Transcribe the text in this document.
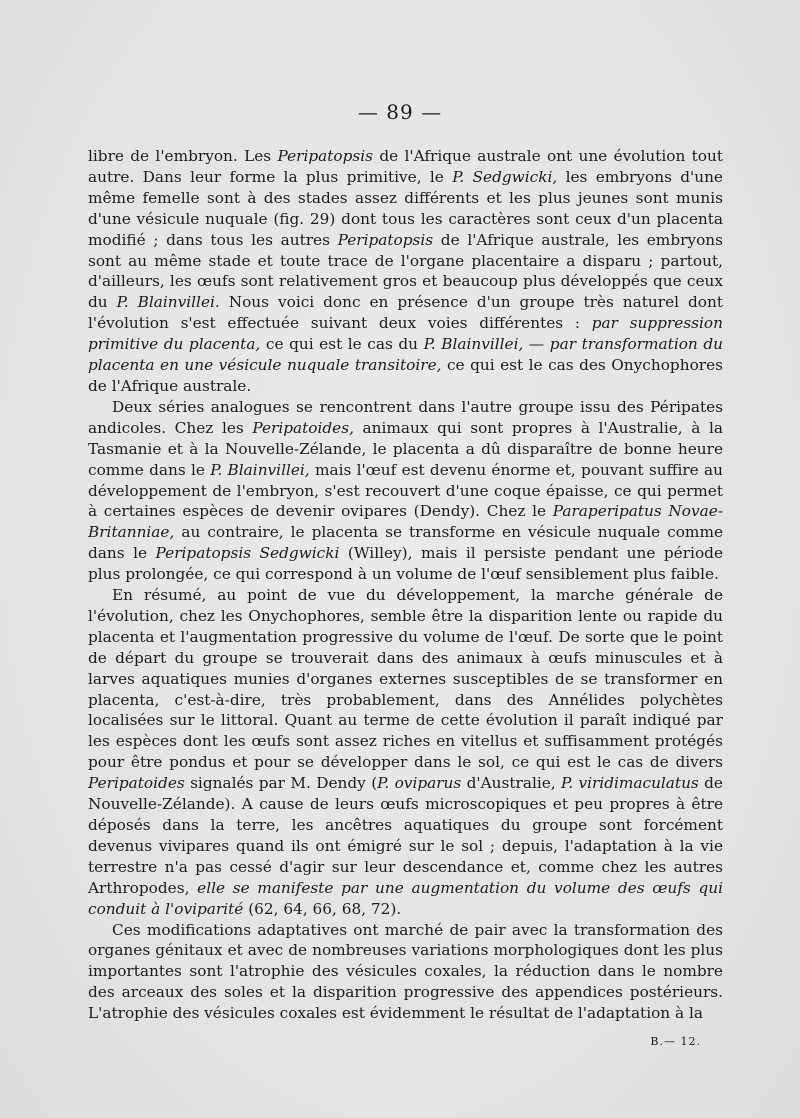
— 89 —

libre de l'embryon. Les Peripatopsis de l'Afrique australe ont une évolution tout autre. Dans leur forme la plus primitive, le P. Sedgwicki, les embryons d'une même femelle sont à des stades assez différents et les plus jeunes sont munis d'une vésicule nuquale (fig. 29) dont tous les caractères sont ceux d'un placenta modifié ; dans tous les autres Peripatopsis de l'Afrique australe, les embryons sont au même stade et toute trace de l'organe placentaire a disparu ; partout, d'ailleurs, les œufs sont relativement gros et beaucoup plus développés que ceux du P. Blainvillei. Nous voici donc en présence d'un groupe très naturel dont l'évolution s'est effectuée suivant deux voies différentes : par suppression primitive du placenta, ce qui est le cas du P. Blainvillei, — par transformation du placenta en une vésicule nuquale transitoire, ce qui est le cas des Onychophores de l'Afrique australe.

Deux séries analogues se rencontrent dans l'autre groupe issu des Péripates andicoles. Chez les Peripatoides, animaux qui sont propres à l'Australie, à la Tasmanie et à la Nouvelle-Zélande, le placenta a dû disparaître de bonne heure comme dans le P. Blainvillei, mais l'œuf est devenu énorme et, pouvant suffire au développement de l'embryon, s'est recouvert d'une coque épaisse, ce qui permet à certaines espèces de devenir ovipares (Dendy). Chez le Paraperipatus Novae-Britanniae, au contraire, le placenta se transforme en vésicule nuquale comme dans le Peripatopsis Sedgwicki (Willey), mais il persiste pendant une période plus prolongée, ce qui correspond à un volume de l'œuf sensiblement plus faible.

En résumé, au point de vue du développement, la marche générale de l'évolution, chez les Onychophores, semble être la disparition lente ou rapide du placenta et l'augmentation progressive du volume de l'œuf. De sorte que le point de départ du groupe se trouverait dans des animaux à œufs minuscules et à larves aquatiques munies d'organes externes susceptibles de se transformer en placenta, c'est-à-dire, très probablement, dans des Annélides polychètes localisées sur le littoral. Quant au terme de cette évolution il paraît indiqué par les espèces dont les œufs sont assez riches en vitellus et suffisamment protégés pour être pondus et pour se développer dans le sol, ce qui est le cas de divers Peripatoides signalés par M. Dendy (P. oviparus d'Australie, P. viridimaculatus de Nouvelle-Zélande). A cause de leurs œufs microscopiques et peu propres à être déposés dans la terre, les ancêtres aquatiques du groupe sont forcément devenus vivipares quand ils ont émigré sur le sol ; depuis, l'adaptation à la vie terrestre n'a pas cessé d'agir sur leur descendance et, comme chez les autres Arthropodes, elle se manifeste par une augmentation du volume des œufs qui conduit à l'oviparité (62, 64, 66, 68, 72).

Ces modifications adaptatives ont marché de pair avec la transformation des organes génitaux et avec de nombreuses variations morphologiques dont les plus importantes sont l'atrophie des vésicules coxales, la réduction dans le nombre des arceaux des soles et la disparition progressive des appendices postérieurs. L'atrophie des vésicules coxales est évidemment le résultat de l'adaptation à la

B.— 12.
